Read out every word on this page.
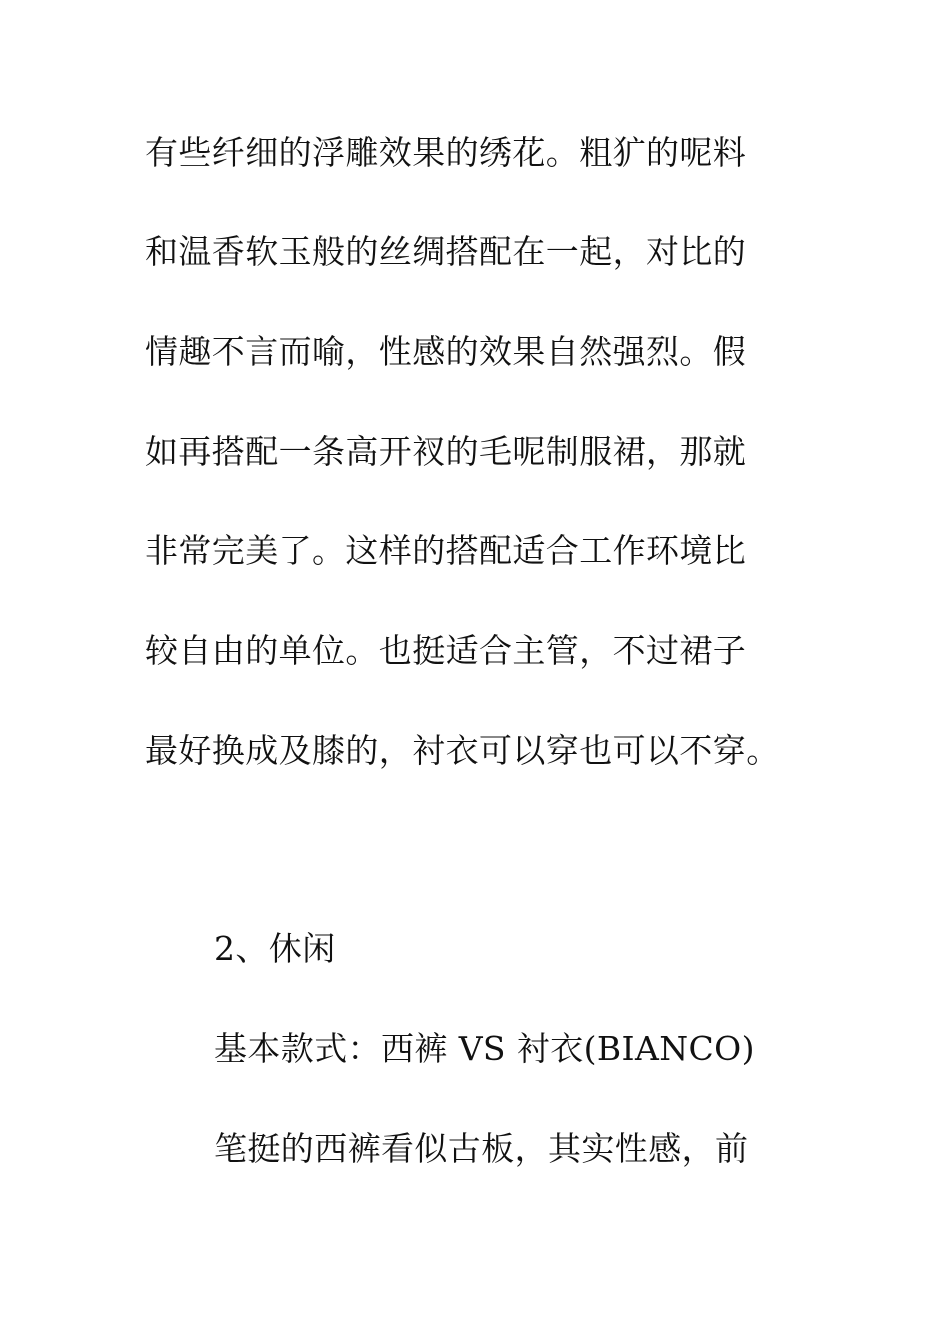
有些纤细的浮雕效果的绣花。粗犷的呢料
和温香软玉般的丝绸搭配在一起，对比的
情趣不言而喻，性感的效果自然强烈。假
如再搭配一条高开衩的毛呢制服裙，那就
非常完美了。这样的搭配适合工作环境比
较自由的单位。也挺适合主管，不过裙子
最好换成及膝的，衬衣可以穿也可以不穿。
2、休闲
基本款式：西裤 VS 衬衣(BIANCO)
笔挺的西裤看似古板，其实性感，前
